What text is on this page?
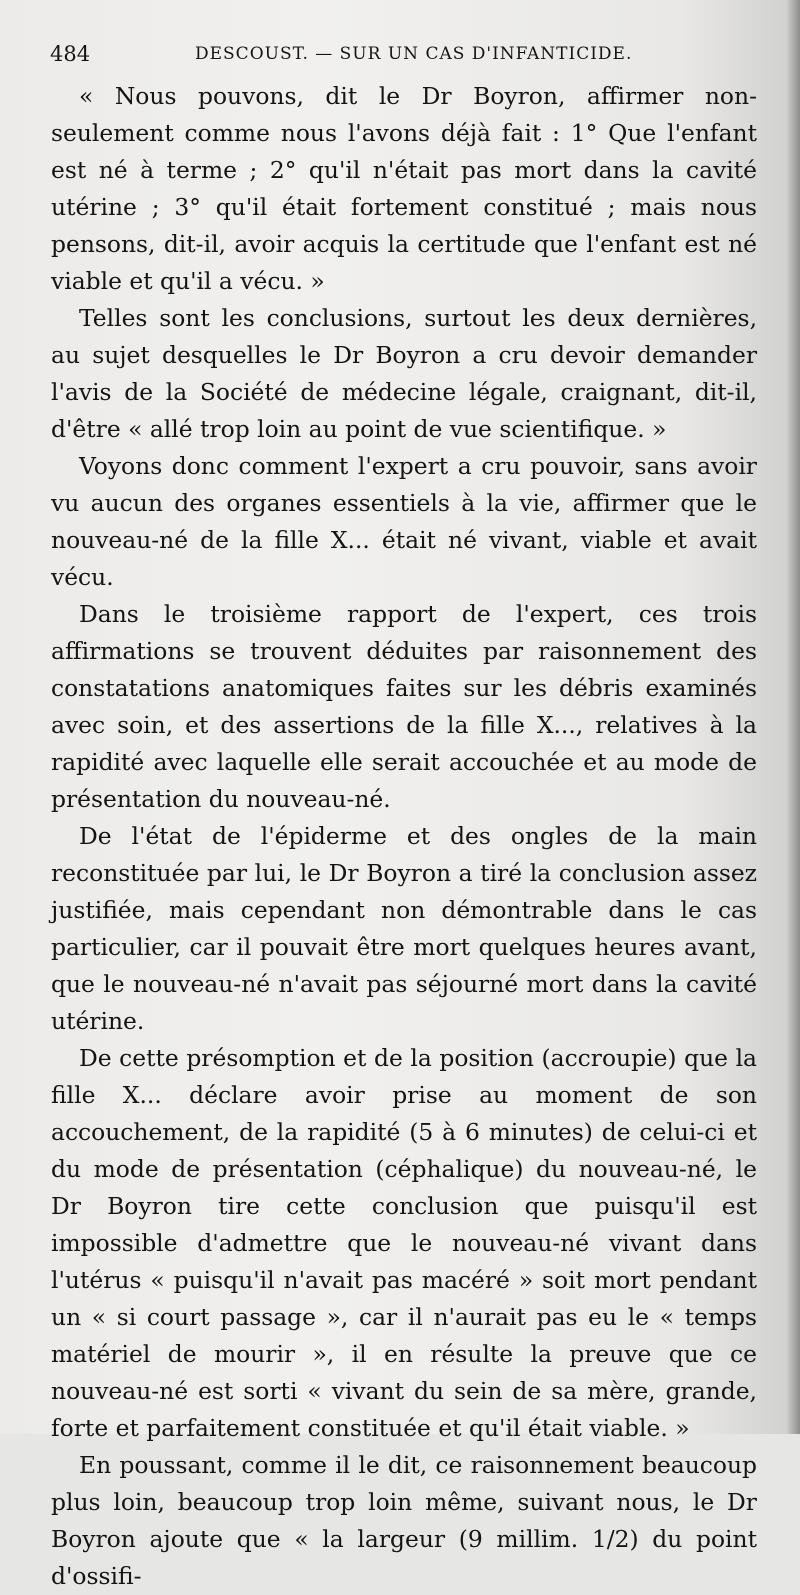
484	DESCOUST. — SUR UN CAS D'INFANTICIDE.

« Nous pouvons, dit le Dr Boyron, affirmer non-seulement comme nous l'avons déjà fait : 1° Que l'enfant est né à terme ; 2° qu'il n'était pas mort dans la cavité utérine ; 3° qu'il était fortement constitué ; mais nous pensons, dit-il, avoir acquis la certitude que l'enfant est né viable et qu'il a vécu. »

Telles sont les conclusions, surtout les deux dernières, au sujet desquelles le Dr Boyron a cru devoir demander l'avis de la Société de médecine légale, craignant, dit-il, d'être « allé trop loin au point de vue scientifique. »

Voyons donc comment l'expert a cru pouvoir, sans avoir vu aucun des organes essentiels à la vie, affirmer que le nouveau-né de la fille X... était né vivant, viable et avait vécu.

Dans le troisième rapport de l'expert, ces trois affirmations se trouvent déduites par raisonnement des constatations anatomiques faites sur les débris examinés avec soin, et des assertions de la fille X..., relatives à la rapidité avec laquelle elle serait accouchée et au mode de présentation du nouveau-né.

De l'état de l'épiderme et des ongles de la main reconstituée par lui, le Dr Boyron a tiré la conclusion assez justifiée, mais cependant non démontrable dans le cas particulier, car il pouvait être mort quelques heures avant, que le nouveau-né n'avait pas séjourné mort dans la cavité utérine.

De cette présomption et de la position (accroupie) que la fille X... déclare avoir prise au moment de son accouchement, de la rapidité (5 à 6 minutes) de celui-ci et du mode de présentation (céphalique) du nouveau-né, le Dr Boyron tire cette conclusion que puisqu'il est impossible d'admettre que le nouveau-né vivant dans l'utérus « puisqu'il n'avait pas macéré » soit mort pendant un « si court passage », car il n'aurait pas eu le « temps matériel de mourir », il en résulte la preuve que ce nouveau-né est sorti « vivant du sein de sa mère, grande, forte et parfaitement constituée et qu'il était viable. »

En poussant, comme il le dit, ce raisonnement beaucoup plus loin, beaucoup trop loin même, suivant nous, le Dr Boyron ajoute que « la largeur (9 millim. 1/2) du point d'ossifi-
